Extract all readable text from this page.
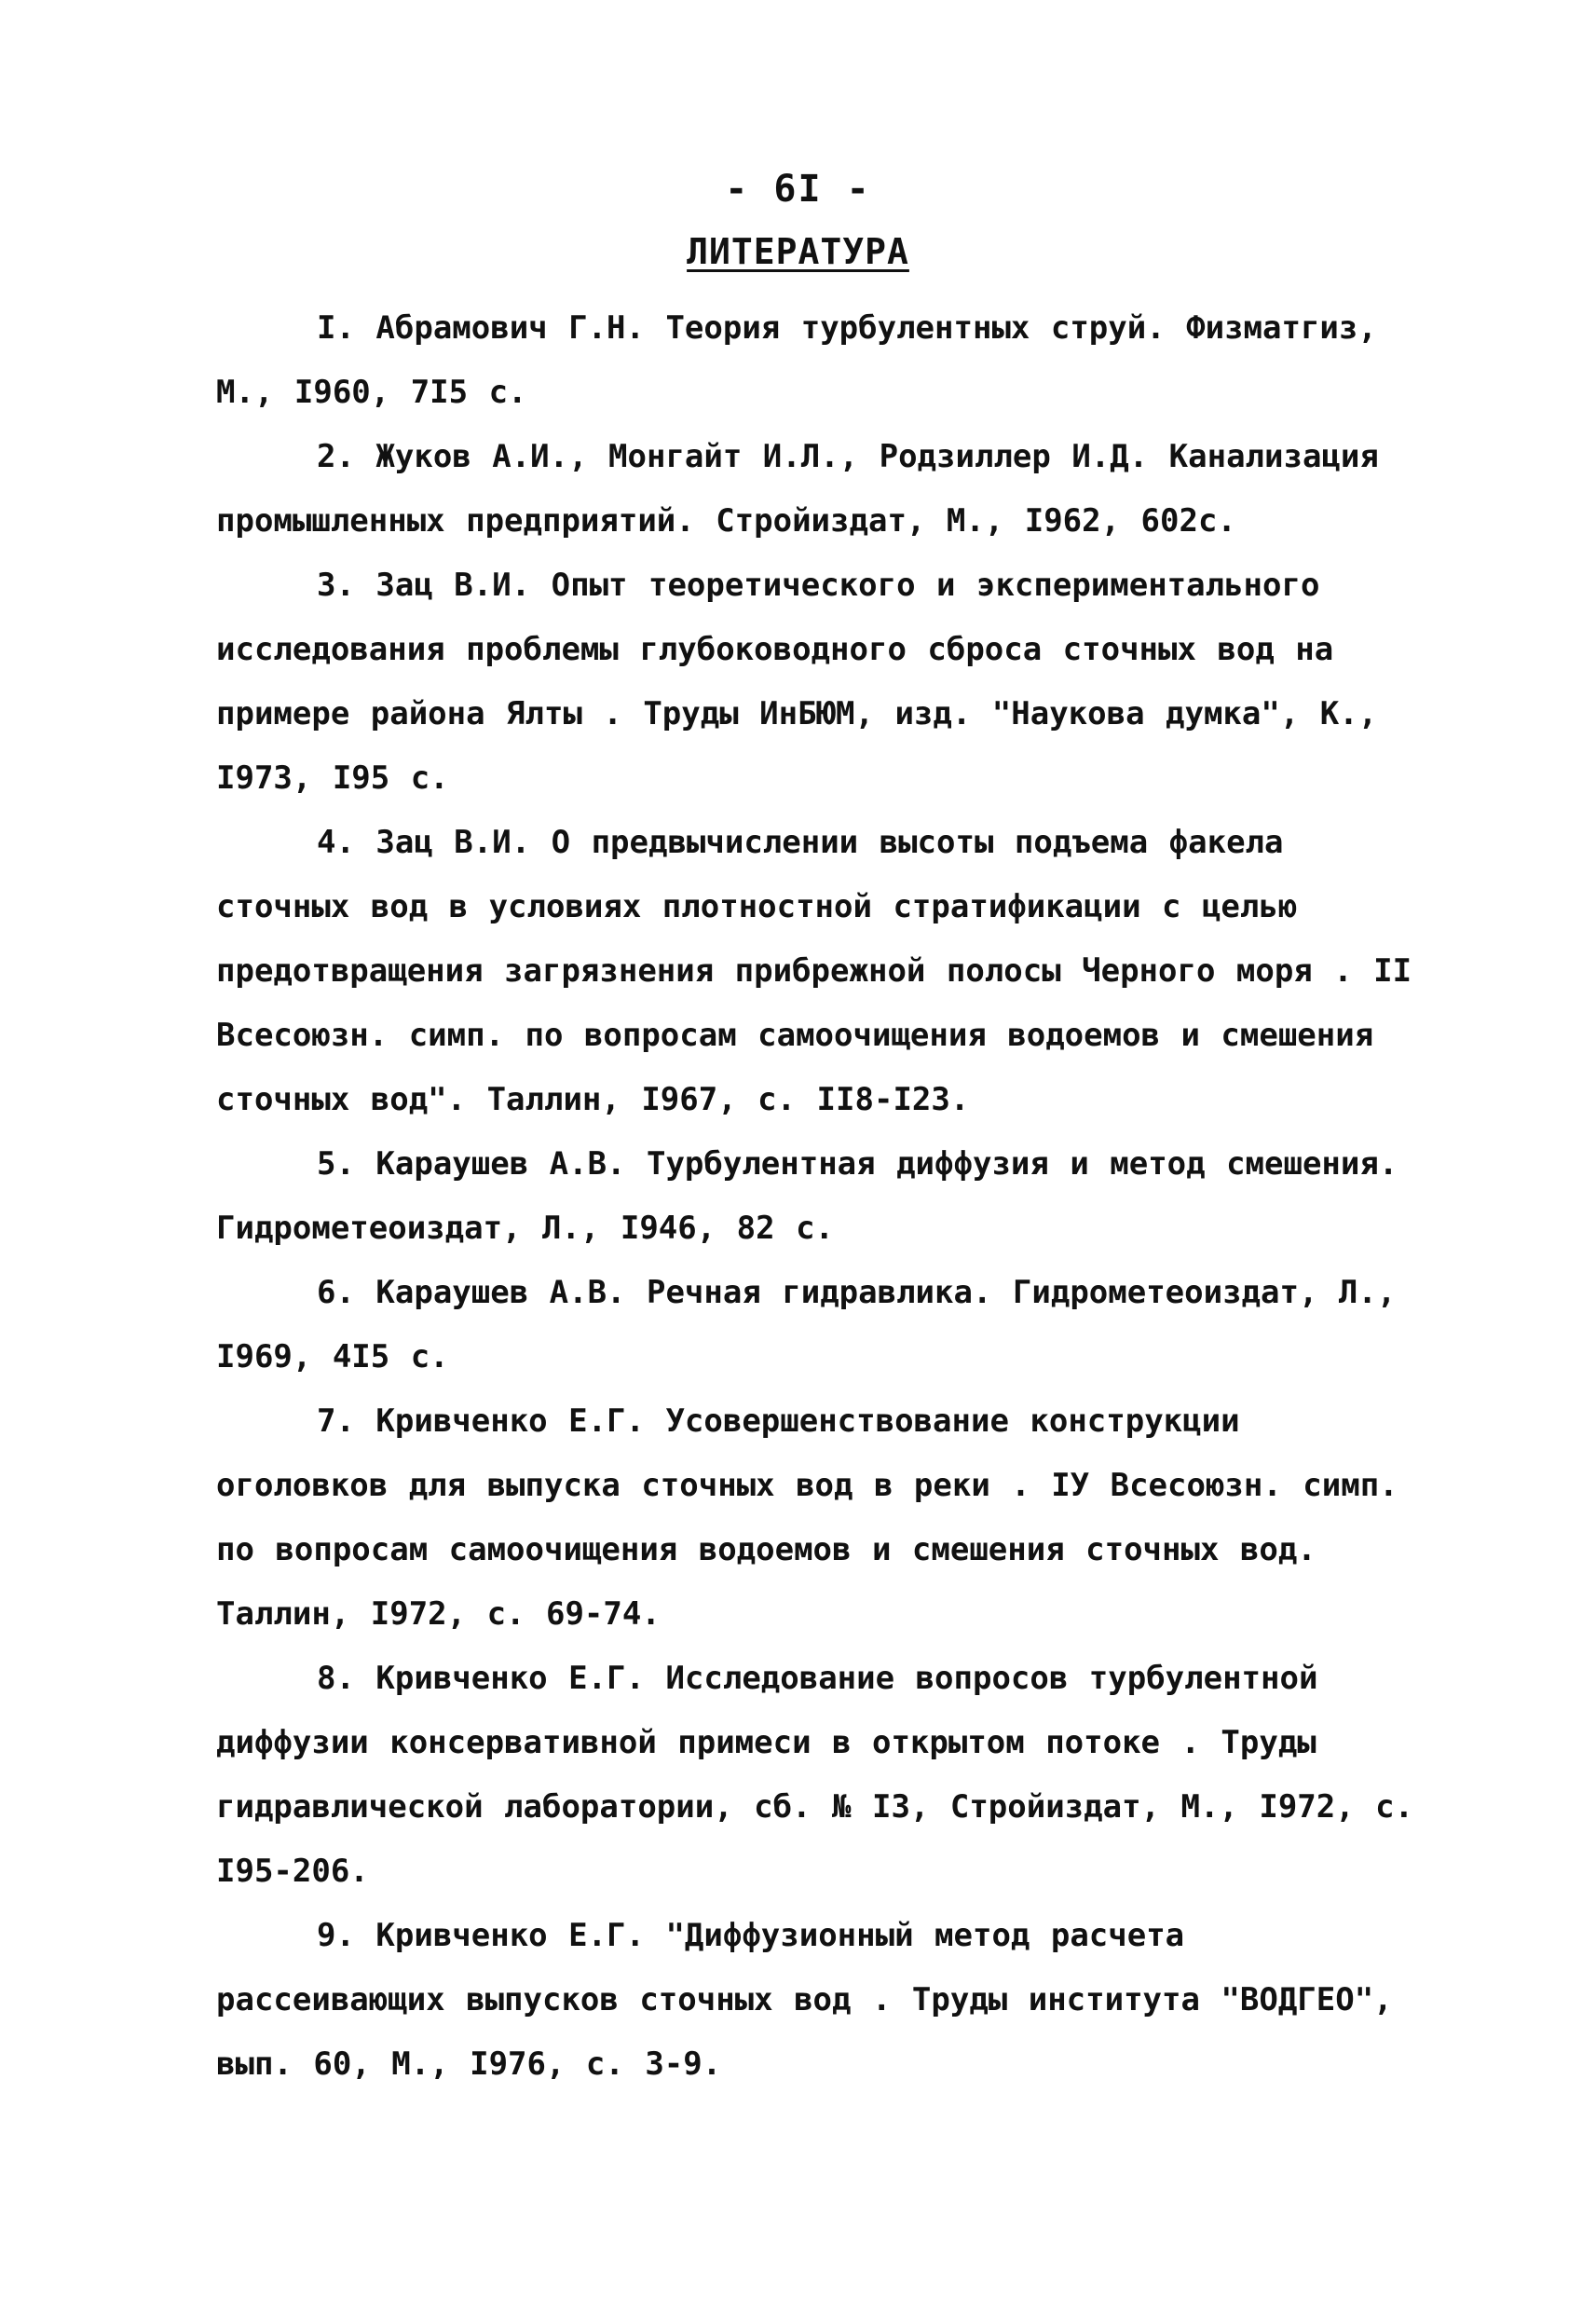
- 6I -
ЛИТЕРАТУРА

I. Абрамович Г.Н. Теория турбулентных струй. Физматгиз, М., I960, 7I5 с.

2. Жуков А.И., Монгайт И.Л., Родзиллер И.Д. Канализация промышленных предприятий. Стройиздат, М., I962, 602с.

3. Зац В.И. Опыт теоретического и экспериментального исследования проблемы глубоководного сброса сточных вод на примере района Ялты . Труды ИнБЮМ, изд. "Наукова думка", К., I973, I95 с.

4. Зац В.И. О предвычислении высоты подъема факела сточных вод в условиях плотностной стратификации с целью предотвращения загрязнения прибрежной полосы Черного моря . II Всесоюзн. симп. по вопросам самоочищения водоемов и смешения сточных вод". Таллин, I967, с. II8-I23.

5. Караушев А.В. Турбулентная диффузия и метод смешения. Гидрометеоиздат, Л., I946, 82 с.

6. Караушев А.В. Речная гидравлика. Гидрометеоиздат, Л., I969, 4I5 с.

7. Кривченко Е.Г. Усовершенствование конструкции оголовков для выпуска сточных вод в реки . IУ Всесоюзн. симп. по вопросам самоочищения водоемов и смешения сточных вод. Таллин, I972, с. 69-74.

8. Кривченко Е.Г. Исследование вопросов турбулентной диффузии консервативной примеси в открытом потоке . Труды гидравлической лаборатории, сб. № I3, Стройиздат, М., I972, с. I95-206.

9. Кривченко Е.Г. "Диффузионный метод расчета рассеивающих выпусков сточных вод . Труды института "ВОДГЕО", вып. 60, М., I976, с. 3-9.
